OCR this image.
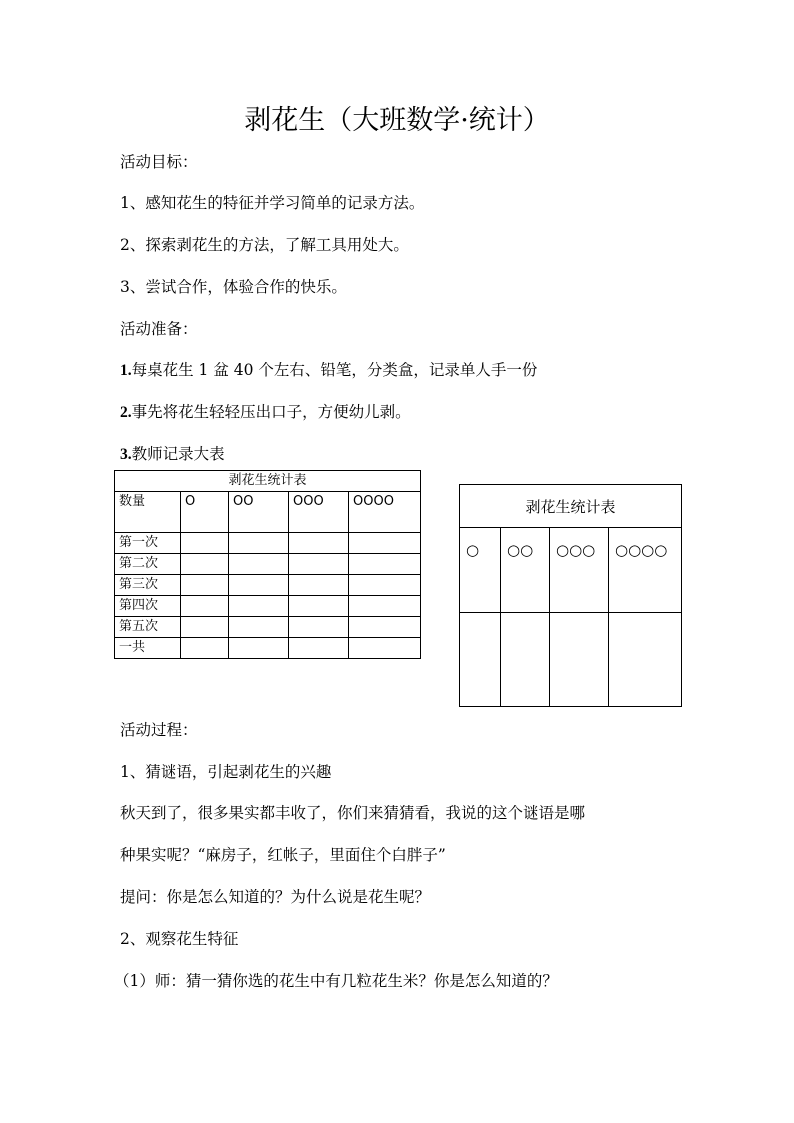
剥花生（大班数学·统计）
活动目标：
1、感知花生的特征并学习简单的记录方法。
2、探索剥花生的方法，了解工具用处大。
3、尝试合作，体验合作的快乐。
活动准备：
1.每桌花生 1 盆 40 个左右、铅笔，分类盒，记录单人手一份
2.事先将花生轻轻压出口子，方便幼儿剥。
3.教师记录大表
剥花生统计表				
数量	O	OO	OOO	OOOO
第一次				
第二次				
第三次				
第四次				
第五次				
一共				
剥花生统计表			
○	○○	○○○	○○○○

活动过程：
1、猜谜语，引起剥花生的兴趣
秋天到了，很多果实都丰收了，你们来猜猜看，我说的这个谜语是哪
种果实呢？“麻房子，红帐子，里面住个白胖子”
提问：你是怎么知道的？为什么说是花生呢？
2、观察花生特征
（1）师：猜一猜你选的花生中有几粒花生米？你是怎么知道的？
